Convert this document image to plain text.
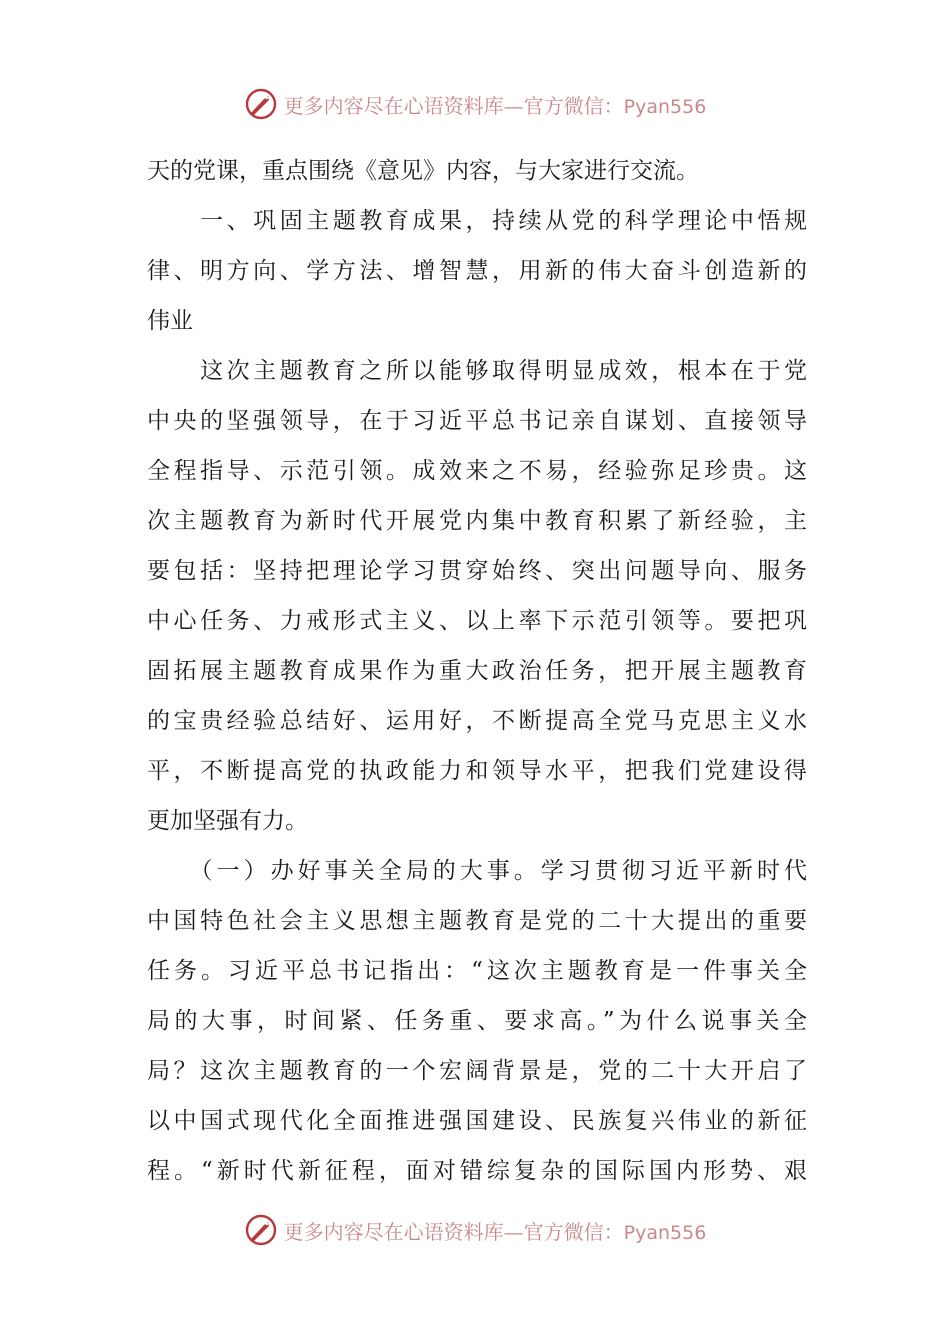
更多内容尽在心语资料库—官方微信：Pyan556
天的党课，重点围绕《意见》内容，与大家进行交流。
　　一、巩固主题教育成果，持续从党的科学理论中悟规
律、明方向、学方法、增智慧，用新的伟大奋斗创造新的
伟业
　　这次主题教育之所以能够取得明显成效，根本在于党
中央的坚强领导，在于习近平总书记亲自谋划、直接领导
全程指导、示范引领。成效来之不易，经验弥足珍贵。这
次主题教育为新时代开展党内集中教育积累了新经验，主
要包括：坚持把理论学习贯穿始终、突出问题导向、服务
中心任务、力戒形式主义、以上率下示范引领等。要把巩
固拓展主题教育成果作为重大政治任务，把开展主题教育
的宝贵经验总结好、运用好，不断提高全党马克思主义水
平，不断提高党的执政能力和领导水平，把我们党建设得
更加坚强有力。
　　（一）办好事关全局的大事。学习贯彻习近平新时代
中国特色社会主义思想主题教育是党的二十大提出的重要
任务。习近平总书记指出：“这次主题教育是一件事关全
局的大事，时间紧、任务重、要求高。”为什么说事关全
局？这次主题教育的一个宏阔背景是，党的二十大开启了
以中国式现代化全面推进强国建设、民族复兴伟业的新征
程。“新时代新征程，面对错综复杂的国际国内形势、艰
更多内容尽在心语资料库—官方微信：Pyan556
